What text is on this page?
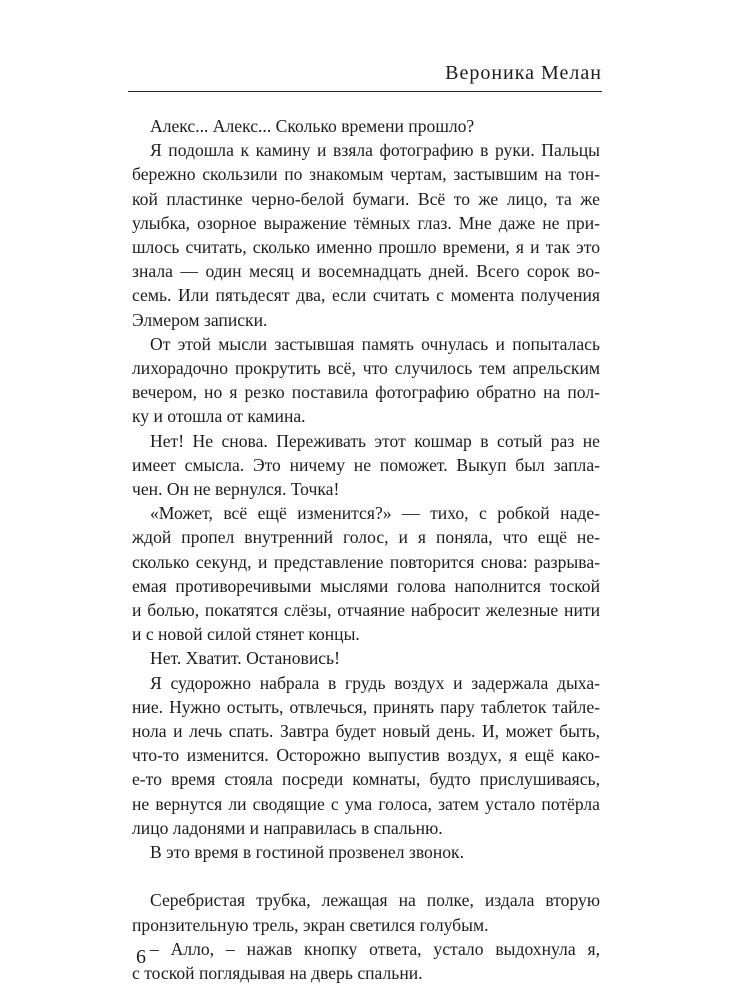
Вероника Мелан
Алекс... Алекс... Сколько времени прошло?
Я подошла к камину и взяла фотографию в руки. Пальцы
бережно скользили по знакомым чертам, застывшим на тон-
кой пластинке черно-белой бумаги. Всё то же лицо, та же
улыбка, озорное выражение тёмных глаз. Мне даже не при-
шлось считать, сколько именно прошло времени, я и так это
знала — один месяц и восемнадцать дней. Всего сорок во-
семь. Или пятьдесят два, если считать с момента получения
Элмером записки.
От этой мысли застывшая память очнулась и попыталась
лихорадочно прокрутить всё, что случилось тем апрельским
вечером, но я резко поставила фотографию обратно на пол-
ку и отошла от камина.
Нет! Не снова. Переживать этот кошмар в сотый раз не
имеет смысла. Это ничему не поможет. Выкуп был запла-
чен. Он не вернулся. Точка!
«Может, всё ещё изменится?» — тихо, с робкой надe-
ждой пропел внутренний голос, и я поняла, что ещё не-
сколько секунд, и представление повторится снова: разрыва-
емая противоречивыми мыслями голова наполнится тоской
и болью, покатятся слёзы, отчаяние набросит железные нити
и с новой силой стянет концы.
Нет. Хватит. Остановись!
Я судорожно набрала в грудь воздух и задержала дыха-
ние. Нужно остыть, отвлечься, принять пару таблеток тайле-
нола и лечь спать. Завтра будет новый день. И, может быть,
что-то изменится. Осторожно выпустив воздух, я ещё како-
е-то время стояла посреди комнаты, будто прислушиваясь,
не вернутся ли сводящие с ума голоса, затем устало потёрла
лицо ладонями и направилась в спальню.
В это время в гостиной прозвенел звонок.
Серебристая трубка, лежащая на полке, издала вторую
пронзительную трель, экран светился голубым.
– Алло, – нажав кнопку ответа, устало выдохнула я,
с тоской поглядывая на дверь спальни.
6
